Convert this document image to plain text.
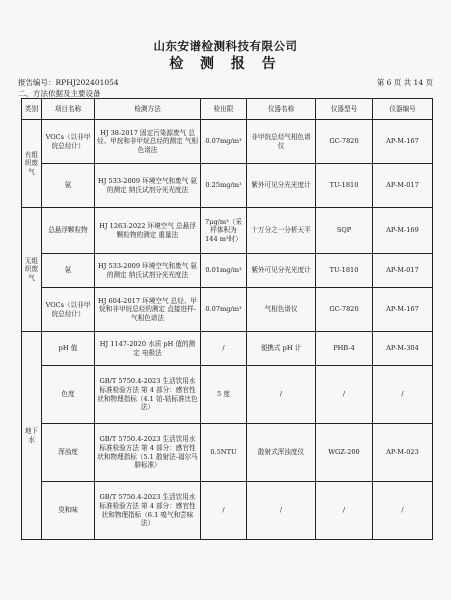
山东安谱检测科技有限公司
检 测 报 告
报告编号：RPHJ202401054	第 6 页 共 14 页
二、方法依据及主要设备
类别	项目名称	检测方法	检出限	仪器名称	仪器型号	仪器编号
有组织废气	VOCs（以非甲烷总烃计）	HJ 38-2017 固定污染源废气 总烃、甲烷和非甲烷总烃的测定 气相色谱法	0.07mg/m³	非甲烷总烃气相色谱仪	GC-7820	AP-M-167
	氨	HJ 533-2009 环境空气和废气 氨的测定 纳氏试剂分光光度法	0.25mg/m³	紫外可见分光光度计	TU-1810	AP-M-017
无组织废气	总悬浮颗粒物	HJ 1263-2022 环境空气 总悬浮颗粒物的测定 重量法	7μg/m³（采样体积为 144 m³时）	十万分之一分析天平	SQP	AP-M-169
	氨	HJ 533-2009 环境空气和废气 氨的测定 纳氏试剂分光光度法	0.01mg/m³	紫外可见分光光度计	TU-1810	AP-M-017
	VOCs（以非甲烷总烃计）	HJ 604-2017 环境空气 总烃、甲烷和非甲烷总烃的测定 直接进样-气相色谱法	0.07mg/m³	气相色谱仪	GC-7820	AP-M-167
地下水	pH 值	HJ 1147-2020 水质 pH 值的测定 电极法	/	便携式 pH 计	PHB-4	AP-M-304
	色度	GB/T 5750.4-2023 生活饮用水标准检验方法 第 4 部分：感官性状和物理指标（4.1 铂-钴标准比色法）	5 度	/	/	/
	浑浊度	GB/T 5750.4-2023 生活饮用水标准检验方法 第 4 部分：感官性状和物理指标（5.1 散射法-福尔马肼标准）	0.5NTU	散射式浑浊度仪	WGZ-200	AP-M-023
	臭和味	GB/T 5750.4-2023 生活饮用水标准检验方法 第 4 部分：感官性状和物理指标（6.1 嗅气和尝味法）	/	/	/	/
